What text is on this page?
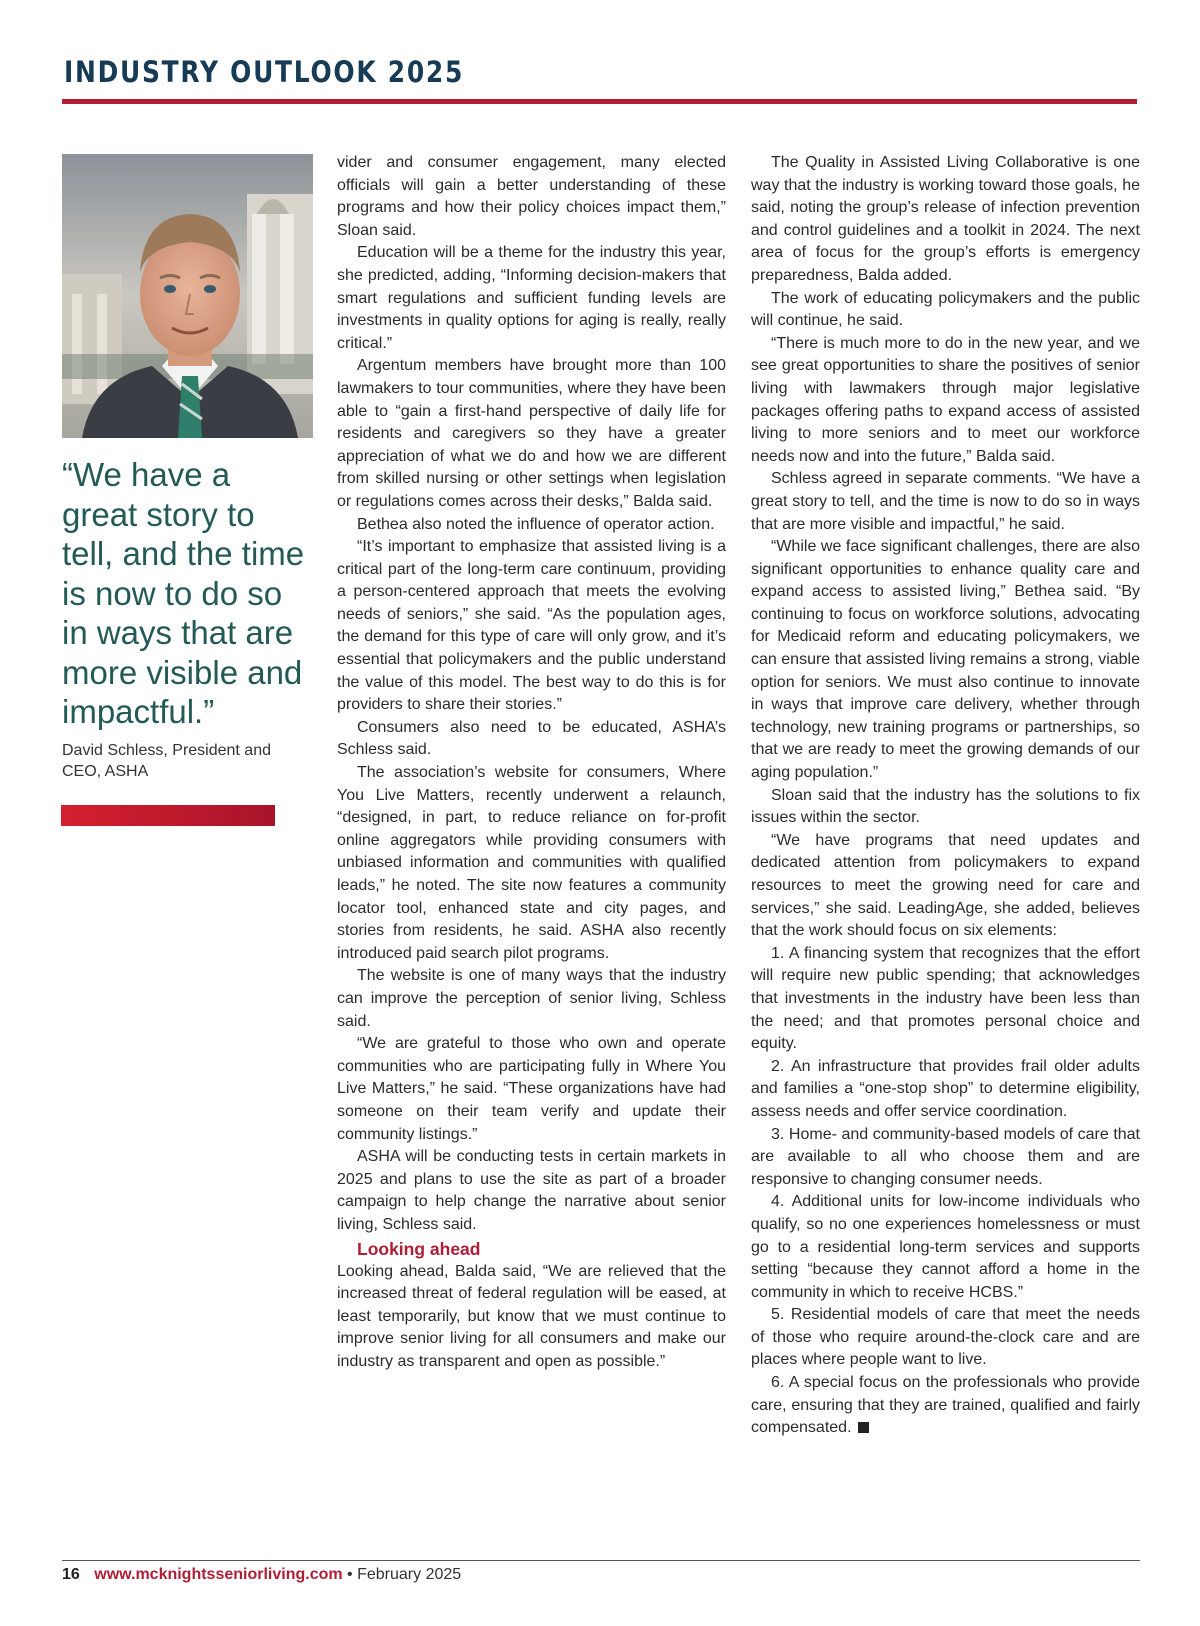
INDUSTRY OUTLOOK 2025
“We have a great story to tell, and the time is now to do so in ways that are more visible and impactful.”
David Schless, President and CEO, ASHA

vider and consumer engagement, many elected officials will gain a better understanding of these programs and how their policy choices impact them,” Sloan said.

Education will be a theme for the industry this year, she predicted, adding, “Informing decision-makers that smart regulations and sufficient funding levels are investments in quality options for aging is really, really critical.”

Argentum members have brought more than 100 lawmakers to tour communities, where they have been able to “gain a first-hand perspective of daily life for residents and caregivers so they have a greater appreciation of what we do and how we are different from skilled nursing or other settings when legislation or regulations comes across their desks,” Balda said.

Bethea also noted the influence of operator action.

“It’s important to emphasize that assisted living is a critical part of the long-term care continuum, providing a person-centered approach that meets the evolving needs of seniors,” she said. “As the population ages, the demand for this type of care will only grow, and it’s essential that policymakers and the public understand the value of this model. The best way to do this is for providers to share their stories.”

Consumers also need to be educated, ASHA’s Schless said.

The association’s website for consumers, Where You Live Matters, recently underwent a relaunch, “designed, in part, to reduce reliance on for-profit online aggregators while providing consumers with unbiased information and communities with qualified leads,” he noted. The site now features a community locator tool, enhanced state and city pages, and stories from residents, he said. ASHA also recently introduced paid search pilot programs.

The website is one of many ways that the industry can improve the perception of senior living, Schless said.

“We are grateful to those who own and operate communities who are participating fully in Where You Live Matters,” he said. “These organizations have had someone on their team verify and update their community listings.”

ASHA will be conducting tests in certain markets in 2025 and plans to use the site as part of a broader campaign to help change the narrative about senior living, Schless said.

Looking ahead

Looking ahead, Balda said, “We are relieved that the increased threat of federal regulation will be eased, at least temporarily, but know that we must continue to improve senior living for all consumers and make our industry as transparent and open as possible.”

The Quality in Assisted Living Collaborative is one way that the industry is working toward those goals, he said, noting the group’s release of infection prevention and control guidelines and a toolkit in 2024. The next area of focus for the group’s efforts is emergency preparedness, Balda added.

The work of educating policymakers and the public will continue, he said.

“There is much more to do in the new year, and we see great opportunities to share the positives of senior living with lawmakers through major legislative packages offering paths to expand access of assisted living to more seniors and to meet our workforce needs now and into the future,” Balda said.

Schless agreed in separate comments. “We have a great story to tell, and the time is now to do so in ways that are more visible and impactful,” he said.

“While we face significant challenges, there are also significant opportunities to enhance quality care and expand access to assisted living,” Bethea said. “By continuing to focus on workforce solutions, advocating for Medicaid reform and educating policymakers, we can ensure that assisted living remains a strong, viable option for seniors. We must also continue to innovate in ways that improve care delivery, whether through technology, new training programs or partnerships, so that we are ready to meet the growing demands of our aging population.”

Sloan said that the industry has the solutions to fix issues within the sector.

“We have programs that need updates and dedicated attention from policymakers to expand resources to meet the growing need for care and services,” she said. LeadingAge, she added, believes that the work should focus on six elements:

1. A financing system that recognizes that the effort will require new public spending; that acknowledges that investments in the industry have been less than the need; and that promotes personal choice and equity.

2. An infrastructure that provides frail older adults and families a “one-stop shop” to determine eligibility, assess needs and offer service coordination.

3. Home- and community-based models of care that are available to all who choose them and are responsive to changing consumer needs.

4. Additional units for low-income individuals who qualify, so no one experiences homelessness or must go to a residential long-term services and supports setting “because they cannot afford a home in the community in which to receive HCBS.”

5. Residential models of care that meet the needs of those who require around-the-clock care and are places where people want to live.

6. A special focus on the professionals who provide care, ensuring that they are trained, qualified and fairly compensated.

16 www.mcknightsseniorliving.com • February 2025
